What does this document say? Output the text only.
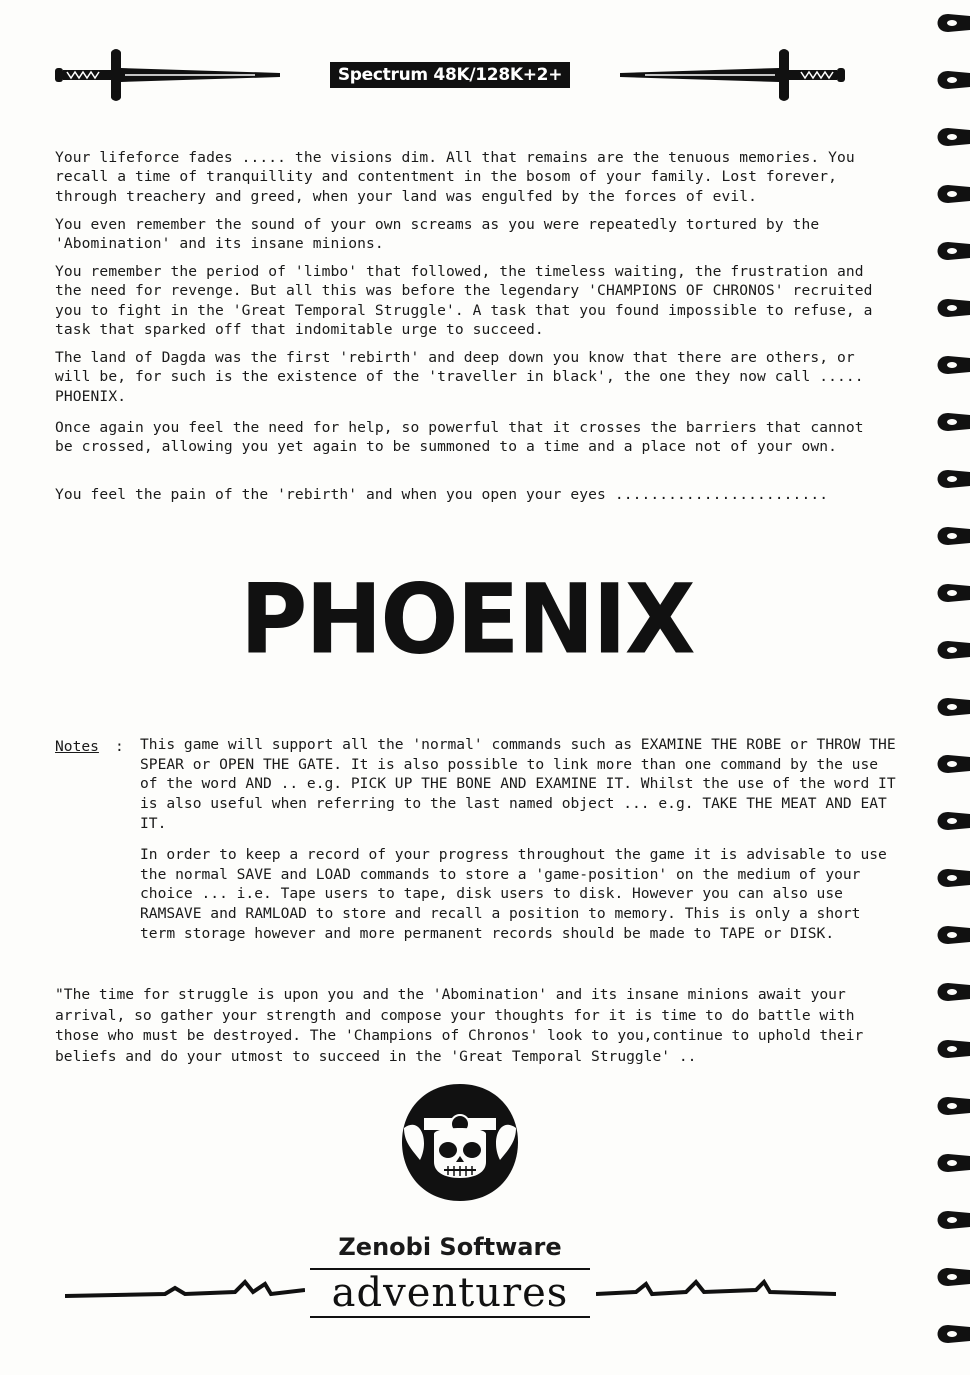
Spectrum 48K/128K+2+

Your lifeforce fades ..... the visions dim. All that remains are the tenuous memories. You recall a time of tranquillity and contentment in the bosom of your family. Lost forever, through treachery and greed, when your land was engulfed by the forces of evil.

You even remember the sound of your own screams as you were repeatedly tortured by the 'Abomination' and its insane minions.

You remember the period of 'limbo' that followed, the timeless waiting, the frustration and the need for revenge. But all this was before the legendary 'CHAMPIONS OF CHRONOS' recruited you to fight in the 'Great Temporal Struggle'. A task that you found impossible to refuse, a task that sparked off that indomitable urge to succeed.

The land of Dagda was the first 'rebirth' and deep down you know that there are others, or will be, for such is the existence of the 'traveller in black', the one they now call ..... PHOENIX.

Once again you feel the need for help, so powerful that it crosses the barriers that cannot be crossed, allowing you yet again to be summoned to a time and a place not of your own.

You feel the pain of the 'rebirth' and when you open your eyes ........................

PHOENIX
Notes : This game will support all the 'normal' commands such as EXAMINE THE ROBE or THROW THE SPEAR or OPEN THE GATE. It is also possible to link more than one command by the use of the word AND .. e.g. PICK UP THE BONE AND EXAMINE IT. Whilst the use of the word IT is also useful when referring to the last named object ... e.g. TAKE THE MEAT AND EAT IT.

In order to keep a record of your progress throughout the game it is advisable to use the normal SAVE and LOAD commands to store a 'game-position' on the medium of your choice ... i.e. Tape users to tape, disk users to disk. However you can also use RAMSAVE and RAMLOAD to store and recall a position to memory. This is only a short term storage however and more permanent records should be made to TAPE or DISK.

"The time for struggle is upon you and the 'Abomination' and its insane minions await your arrival, so gather your strength and compose your thoughts for it is time to do battle with those who must be destroyed. The 'Champions of Chronos' look to you,continue to uphold their beliefs and do your utmost to succeed in the 'Great Temporal Struggle' ..

Zenobi Software
adventures
